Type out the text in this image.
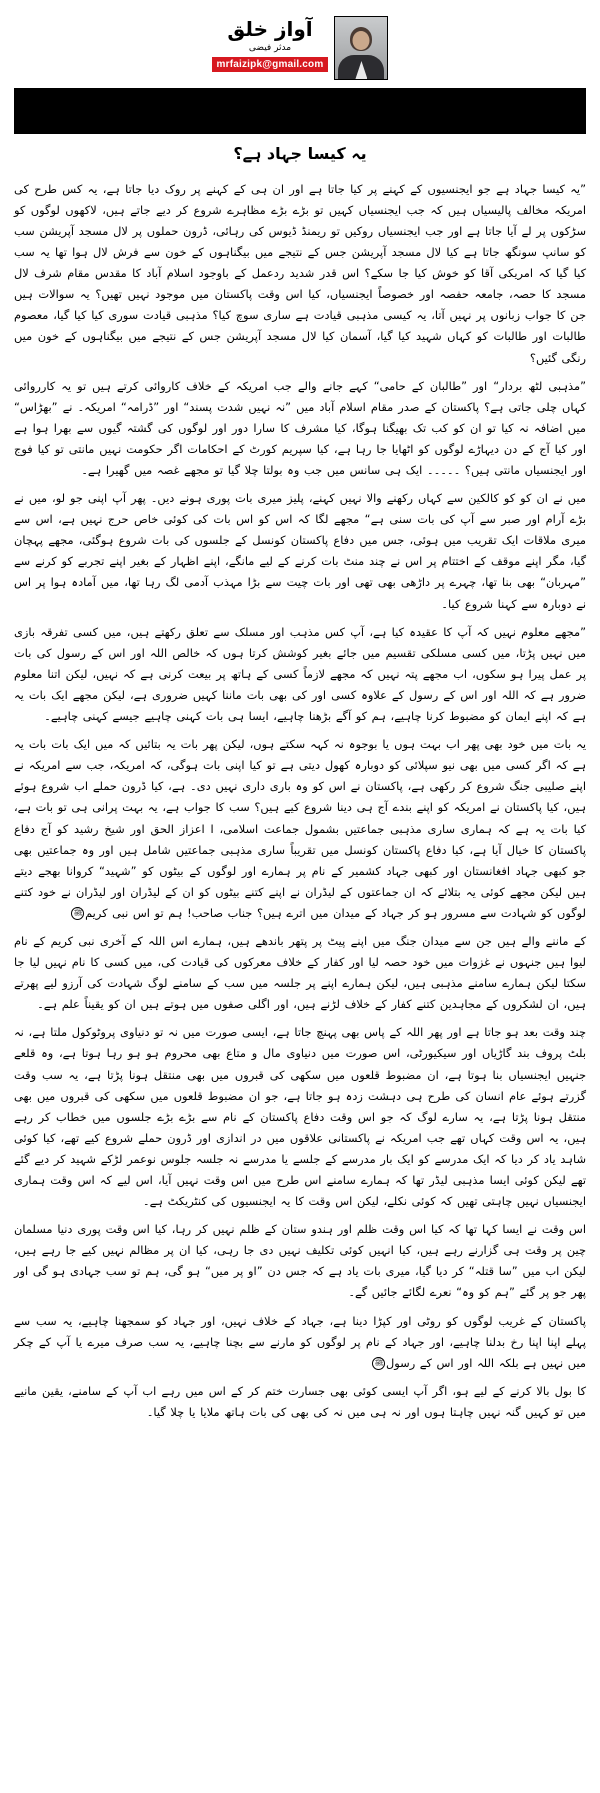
آواز خلق
مدثر فیضی
mrfaizipk@gmail.com
یہ کیسا جہاد ہے؟

”یہ کیسا جہاد ہے جو ایجنسیوں کے کہنے پر کیا جاتا ہے اور ان ہی کے کہنے پر روک دیا جاتا ہے، یہ کس طرح کی امریکہ مخالف پالیسیاں ہیں کہ جب ایجنسیاں کہیں تو بڑے بڑے مظاہرے شروع کر دیے جاتے ہیں، لاکھوں لوگوں کو سڑکوں پر لے آیا جاتا ہے اور جب ایجنسیاں روکیں تو ریمنڈ ڈیوس کی رہائی، ڈرون حملوں پر لال مسجد آپریشن سب کو سانپ سونگھ جاتا ہے کیا لال مسجد آپریشن جس کے نتیجے میں بیگناہوں کے خون سے فرش لال ہوا تھا یہ سب کیا گیا کہ امریکی آقا کو خوش کیا جا سکے؟ اس قدر شدید ردعمل کے باوجود اسلام آباد کا مقدس مقام شرف لال مسجد کا حصہ، جامعہ حفصہ اور خصوصاً ایجنسیاں، کیا اس وقت پاکستان میں موجود نہیں تھیں؟ یہ سوالات ہیں جن کا جواب زبانوں پر نہیں آتا، یہ کیسی مذہبی قیادت ہے ساری سوچ کیا؟ مذہبی قیادت سوری کیا کیا گیا، معصوم طالبات اور طالبات کو کہاں شہید کیا گیا، آسمان کیا لال مسجد آپریشن جس کے نتیجے میں بیگناہوں کے خون میں رنگی گئیں؟

”مذہبی لٹھ بردار“ اور ”طالبان کے حامی“ کہے جانے والے جب امریکہ کے خلاف کاروائی کرتے ہیں تو یہ کارروائی کہاں چلی جاتی ہے؟ پاکستان کے صدر مقام اسلام آباد میں ”نہ نہیں شدت پسند“ اور ”ڈرامہ“ امریکہ۔ نے ”بھڑاس“ میں اضافہ نہ کیا تو ان کو کب تک بھیگنا ہوگا، کیا مشرف کا سارا دور اور لوگوں کی گشتہ گیوں سے بھرا ہوا ہے اور کیا آج کے دن دیہاڑے لوگوں کو اٹھایا جا رہا ہے، کیا سپریم کورٹ کے احکامات اگر حکومت نہیں مانتی تو کیا فوج اور ایجنسیاں مانتی ہیں؟ ۔۔۔۔۔ ایک ہی سانس میں جب وہ بولتا چلا گیا تو مجھے غصہ میں گھیرا ہے۔

میں نے ان کو کو کالکین سے کہاں رکھنے والا نہیں کہنے، پلیز میری بات پوری ہونے دیں۔ پھر آپ اپنی جو لو، میں نے بڑے آرام اور صبر سے آپ کی بات سنی ہے“ مجھے لگا کہ اس کو اس بات کی کوئی خاص حرج نہیں ہے، اس سے میری ملاقات ایک تقریب میں ہوئی، جس میں دفاع پاکستان کونسل کے جلسوں کی بات شروع ہوگئی، مجھے پہچان گیا، مگر اپنے موقف کے اختتام پر اس نے چند منٹ بات کرنے کے لیے مانگے، اپنے اظہار کے بغیر اپنے تجربے کو کرنے سے ”مہربان“ بھی بنا تھا، چہرے پر داڑھی بھی تھی اور بات چیت سے بڑا مہذب آدمی لگ رہا تھا، میں آمادہ ہوا پر اس نے دوبارہ سے کہنا شروع کیا۔

”مجھے معلوم نہیں کہ آپ کا عقیدہ کیا ہے، آپ کس مذہب اور مسلک سے تعلق رکھتے ہیں، میں کسی تفرقہ بازی میں نہیں پڑتا، میں کسی مسلکی تقسیم میں جائے بغیر کوشش کرتا ہوں کہ خالص اللہ اور اس کے رسول کی بات پر عمل پیرا ہو سکوں، اب مجھے پتہ نہیں کہ مجھے لازماً کسی کے ہاتھ پر بیعت کرنی ہے کہ نہیں، لیکن اتنا معلوم ضرور ہے کہ اللہ اور اس کے رسول کے علاوہ کسی اور کی بھی بات ماننا کہیں ضروری ہے، لیکن مجھے ایک بات یہ ہے کہ اپنے ایمان کو مضبوط کرنا چاہیے، ہم کو آگے بڑھنا چاہیے، ایسا ہی بات کہنی چاہیے جیسے کہنی چاہیے۔

یہ بات میں خود بھی پھر اب بہت ہوں یا بوجوہ نہ کہہ سکتے ہوں، لیکن پھر بات یہ بتائیں کہ میں ایک بات بات یہ ہے کہ اگر کسی میں بھی نیو سپلائی کو دوبارہ کھول دیتی ہے تو کیا اپنی بات ہوگی، کہ امریکہ، جب سے امریکہ نے اپنے صلیبی جنگ شروع کر رکھی ہے، پاکستان نے اس کو وہ باری داری نہیں دی۔ ہے، کیا ڈرون حملے اب شروع ہوئے ہیں، کیا پاکستان نے امریکہ کو اپنے بندے آج ہی دینا شروع کیے ہیں؟ سب کا جواب ہے، یہ بہت پرانی ہی تو بات ہے، کیا بات یہ ہے کہ ہماری ساری مذہبی جماعتیں بشمول جماعت اسلامی، ا اعزاز الحق اور شیخ رشید کو آج دفاع پاکستان کا خیال آیا ہے، کیا دفاع پاکستان کونسل میں تقریباً ساری مذہبی جماعتیں شامل ہیں اور وہ جماعتیں بھی جو کبھی جہاد افغانستان اور کبھی جہاد کشمیر کے نام پر ہمارے اور لوگوں کے بیٹوں کو ”شہید“ کروانا بھجے دیتے ہیں لیکن مجھے کوئی یہ بتلائے کہ ان جماعتوں کے لیڈران نے اپنے کتنے بیٹوں کو ان کے لیڈران اور لیڈران نے خود کتنے لوگوں کو شہادت سے مسرور ہو کر جہاد کے میدان میں اترے ہیں؟ جناب صاحب! ہم تو اس نبی کریمﷺ

کے ماننے والے ہیں جن سے میدان جنگ میں اپنے پیٹ پر پتھر باندھے ہیں، ہمارے اس اللہ کے آخری نبی کریم کے نام لیوا ہیں جنہوں نے غزوات میں خود حصہ لیا اور کفار کے خلاف معرکوں کی قیادت کی، میں کسی کا نام نہیں لیا جا سکتا لیکن ہمارے سامنے مذہبی ہیں، لیکن ہمارے اپنے پر جلسہ میں سب کے سامنے لوگ شہادت کی آرزو لیے پھرتے ہیں، ان لشکروں کے مجاہدین کتنے کفار کے خلاف لڑنے ہیں، اور اگلی صفوں میں ہوتے ہیں ان کو یقیناً علم ہے۔

چند وقت بعد ہو جاتا ہے اور پھر اللہ کے پاس بھی پہنچ جاتا ہے، ایسی صورت میں نہ تو دنیاوی پروٹوکول ملتا ہے، نہ بلٹ پروف بند گاڑیاں اور سیکیورٹی، اس صورت میں دنیاوی مال و متاع بھی محروم ہو ہو رہا ہوتا ہے، وہ قلعے جنہیں ایجنسیاں بنا ہوتا ہے، ان مضبوط قلعوں میں سکھی کی قبروں میں بھی منتقل ہونا پڑتا ہے، یہ سب وقت گزرتے ہوئے عام انسان کی طرح ہی دہشت زدہ ہو جاتا ہے، جو ان مضبوط قلعوں میں سکھی کی قبروں میں بھی منتقل ہونا پڑتا ہے، یہ سارے لوگ کہ جو اس وقت دفاع پاکستان کے نام سے بڑے بڑے جلسوں میں خطاب کر رہے ہیں، یہ اس وقت کہاں تھے جب امریکہ نے پاکستانی علاقوں میں در اندازی اور ڈرون حملے شروع کیے تھے، کیا کوئی شاہد یاد کر دیا کہ ایک مدرسے کو ایک بار مدرسے کے جلسے یا مدرسے نہ جلسہ جلوس نوعمر لڑکے شہید کر دیے گئے تھے لیکن کوئی ایسا مذہبی لیڈر تھا کہ ہمارے سامنے اس طرح میں اس وقت نہیں آیا، اس لیے کہ اس وقت ہماری ایجنسیاں نہیں چاہتی تھیں کہ کوئی نکلے، لیکن اس وقت کا یہ ایجنسیوں کی کنٹریکٹ ہے۔

اس وقت نے ایسا کہا تھا کہ کیا اس وقت ظلم اور ہندو ستان کے ظلم نہیں کر رہا، کیا اس وقت پوری دنیا مسلمان چین پر وقت ہی گزارنے رہے ہیں، کیا انہیں کوئی تکلیف نہیں دی جا رہی، کیا ان پر مظالم نہیں کیے جا رہے ہیں، لیکن اب میں ”سا قتلہ“ کر دیا گیا، میری بات یاد ہے کہ جس دن ”او پر میں“ ہو گی، ہم تو سب جہادی ہو گی اور پھر جو پر گئے ”ہم کو وہ“ نعرے لگائے جائیں گے۔

پاکستان کے غریب لوگوں کو روٹی اور کپڑا دینا ہے، جہاد کے خلاف نہیں، اور جہاد کو سمجھنا چاہیے، یہ سب سے پہلے اپنا اپنا رخ بدلنا چاہیے، اور جہاد کے نام پر لوگوں کو مارنے سے بچنا چاہیے، یہ سب صرف میرے یا آپ کے چکر میں نہیں ہے بلکہ اللہ اور اس کے رسولﷺ

کا بول بالا کرنے کے لیے ہو، اگر آپ ایسی کوئی بھی جسارت ختم کر کے اس میں رہے اب آپ کے سامنے، یقین مانیے میں تو کہیں گنہ نہیں چاہتا ہوں اور نہ ہی میں نہ کی بھی کی بات ہاتھ ملایا یا چلا گیا۔
